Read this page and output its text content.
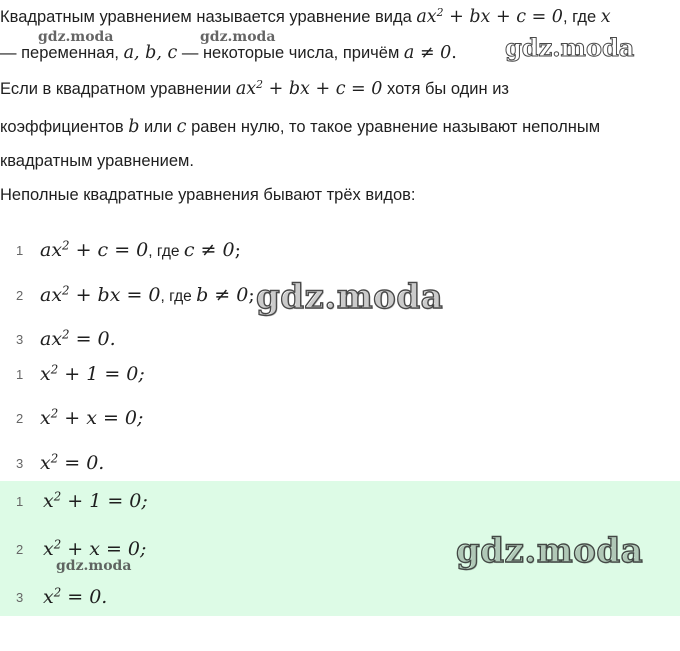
Квадратным уравнением называется уравнение вида $ax^2$ + bx + c = 0, где x
— переменная, a, b, c — некоторые числа, причём a ≠ 0.
Если в квадратном уравнении $ax^2$ + bx + c = 0 хотя бы один из
коэффициентов b или c равен нулю, то такое уравнение называют неполным
квадратным уравнением.
Неполные квадратные уравнения бывают трёх видов:
1 $ax^2 + c = 0$, где c ≠ 0;
2 $ax^2$ + bx = 0, где b ≠ 0;
3 $ax^2 = 0$.
1 $x^2 + 1 = 0$;
2 $x^2 + x = 0$;
3 $x^2 = 0$.
1 $x^2 + 1 = 0$;
2 $x^2 + x = 0$;
3 $x^2 = 0$.
gdz.moda	gdz.moda	gdz.moda
gdz.moda
gdz.moda
gdz.moda
